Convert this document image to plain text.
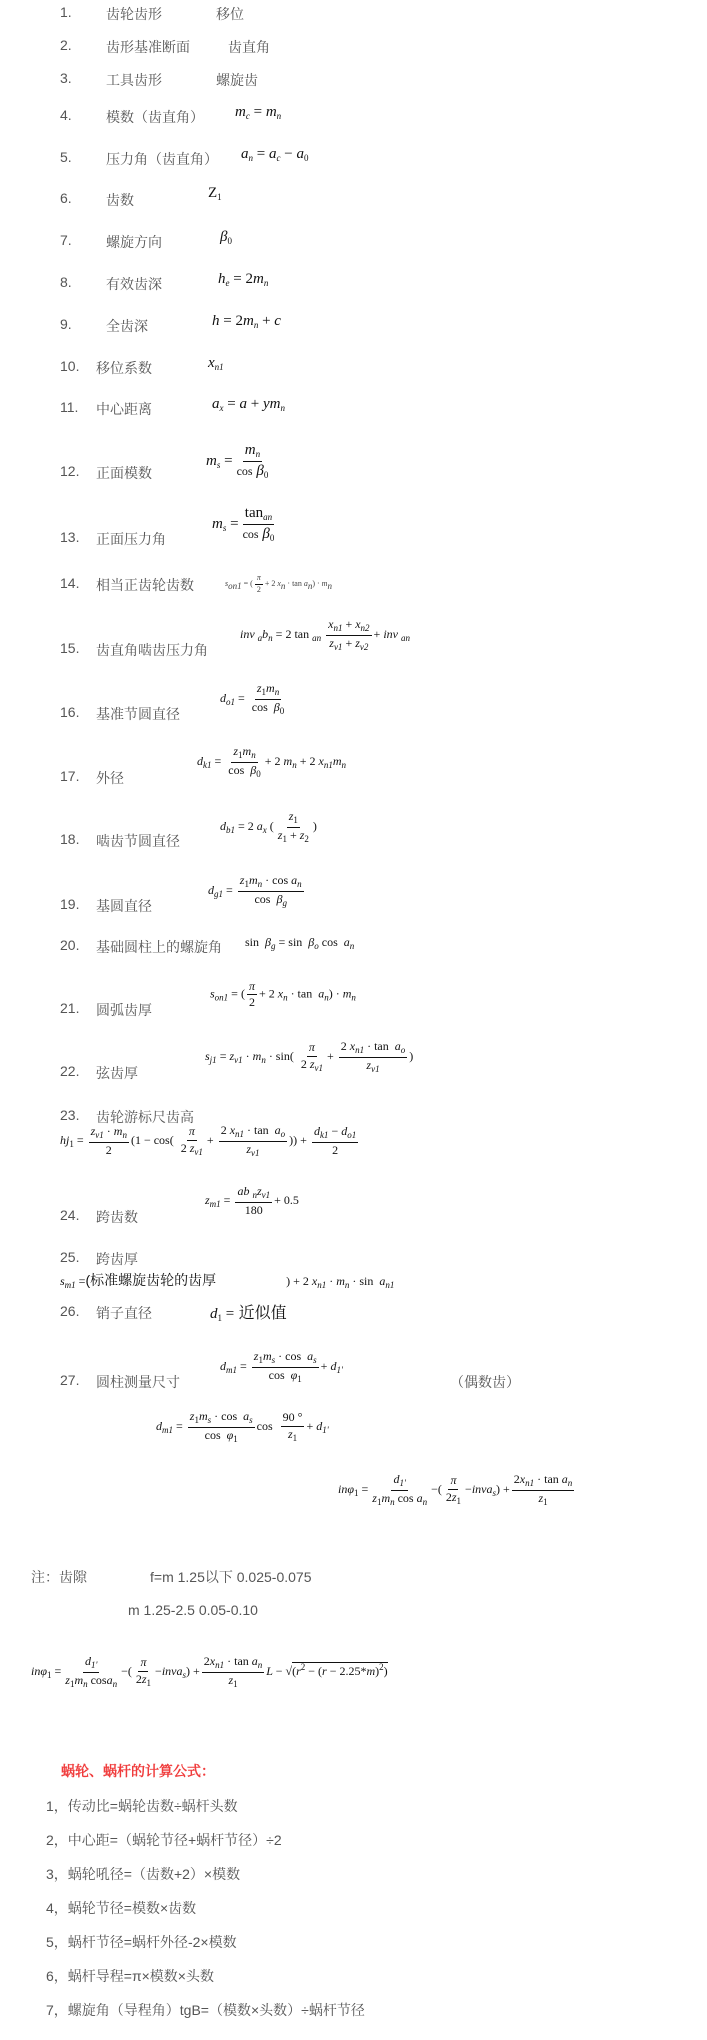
1. 齿轮齿形	移位
2. 齿形基准断面	齿直角
3. 工具齿形	螺旋齿
4. 模数（齿直角） $m_c = m_n$
5. 压力角（齿直角） $a_n = a_c - a_0$
6. 齿数	$Z_1$
7. 螺旋方向	$\beta_0$
8. 有效齿深	$h_e = 2m_n$
9. 全齿深	$h = 2m_n + c$
10. 移位系数	$x_{n1}$
11. 中心距离	$a_x = a + ym_n$
12. 正面模数
$m_s = \frac{m_n}{\cos \beta_0}$
13. 正面压力角
$m_s = \frac{\tan_{an}}{\cos \beta_0}$
14. 相当正齿轮齿数	$s_{on1}$ = ( $\frac{\pi}{2} + 2$ $x_n \cdot \tan a_n) \cdot m_n$
15. 齿直角啮齿压力角
inv $_ab_n = 2$ $\tan _{an} \frac{x_{n1} + x_{n2}}{z_{v1} + z_{v2}}$ + inv $_{an}$
16. 基准节圆直径
$d_{o1} = \frac{z_1m_n}{\cos \beta_0}$
17. 外径
$d_{k1} = \frac{z_1m_n}{\cos \beta_0} + 2$ $m_n + 2$ $x_{n1}m_n$
18. 啮齿节圆直径
$d_{b1} = 2$ $a_x$ ( $\frac{z_1}{z_1 + z_2}$ )
19. 基圆直径
$d_{g1} = \frac{z_1m_n \cdot \cos a_n}{\cos \beta_g}$
20. 基础圆柱上的螺旋角 $\sin \beta_g = \sin \beta_o$ $\cos a_n$
21. 圆弧齿厚
$s_{on1}$ = ( $\frac{\pi}{2} + 2$ $x_n \cdot \tan a_n) \cdot m_n$
22. 弦齿厚
$s_{j1} = z_{v1} \cdot m_n \cdot \sin( \frac{\pi}{2 z_{v1}} + \frac{2 x_{n1} \cdot \tan a_o}{z_{v1}}$ )
23. 齿轮游标尺齿高
$hj_1 = \frac{z_{v1} \cdot m_n}{2} (1 - \cos( \frac{\pi}{2 z_{v1}} + \frac{2 x_{n1} \cdot \tan a_o}{z_{v1}}$ )) + $\frac{d_{k1} - d_{o1}}{2}$
24. 跨齿数
$z_{m1} = \frac{ab _nz_{v1}}{180} + 0.5$
25. 跨齿厚
$s_{m1}$ =(标准螺旋齿轮的齿厚	) + 2 $x_{n1} \cdot m_n \cdot \sin a_{n1}$
26. 销子直径	$d_1$ = 近似值
27. 圆柱测量尺寸
$d_{m1} = \frac{z_1m_s \cdot \cos a_s}{\cos \varphi_1} + d_{1'}$
（偶数齿）
$d_{m1} = \frac{z_1m_s \cdot \cos a_s}{\cos \varphi_1}$ $\cos \frac{90 ^\circ}{z_1} + d_{1'}$
$in\varphi_1 = \frac{d_{1'}}{z_1m_n \cos a_n}$ −( $\frac{\pi}{2z_1}$ −inva$_s$) + $\frac{2x_{n1} \cdot \tan a_n}{z_1}$
注：齿隙	f=m 1.25以下 0.025-0.075
m 1.25-2.5 0.05-0.10
$in\varphi_1 = \frac{d_{1'}}{z_1m_n \cos a_n}$ −( $\frac{\pi}{2z_1}$ −inva$_s$) + $\frac{2x_{n1} \cdot \tan a_n}{z_1}$ $L - √(r^2 - (r - 2.25*m)^2)$
蜗轮、蜗杆的计算公式：
1，传动比=蜗轮齿数÷蜗杆头数
2，中心距=（蜗轮节径+蜗杆节径）÷2
3，蜗轮吼径=（齿数+2）×模数
4，蜗轮节径=模数×齿数
5，蜗杆节径=蜗杆外径-2×模数
6，蜗杆导程=π×模数×头数
7，螺旋角（导程角）tgB=（模数×头数）÷蜗杆节径
